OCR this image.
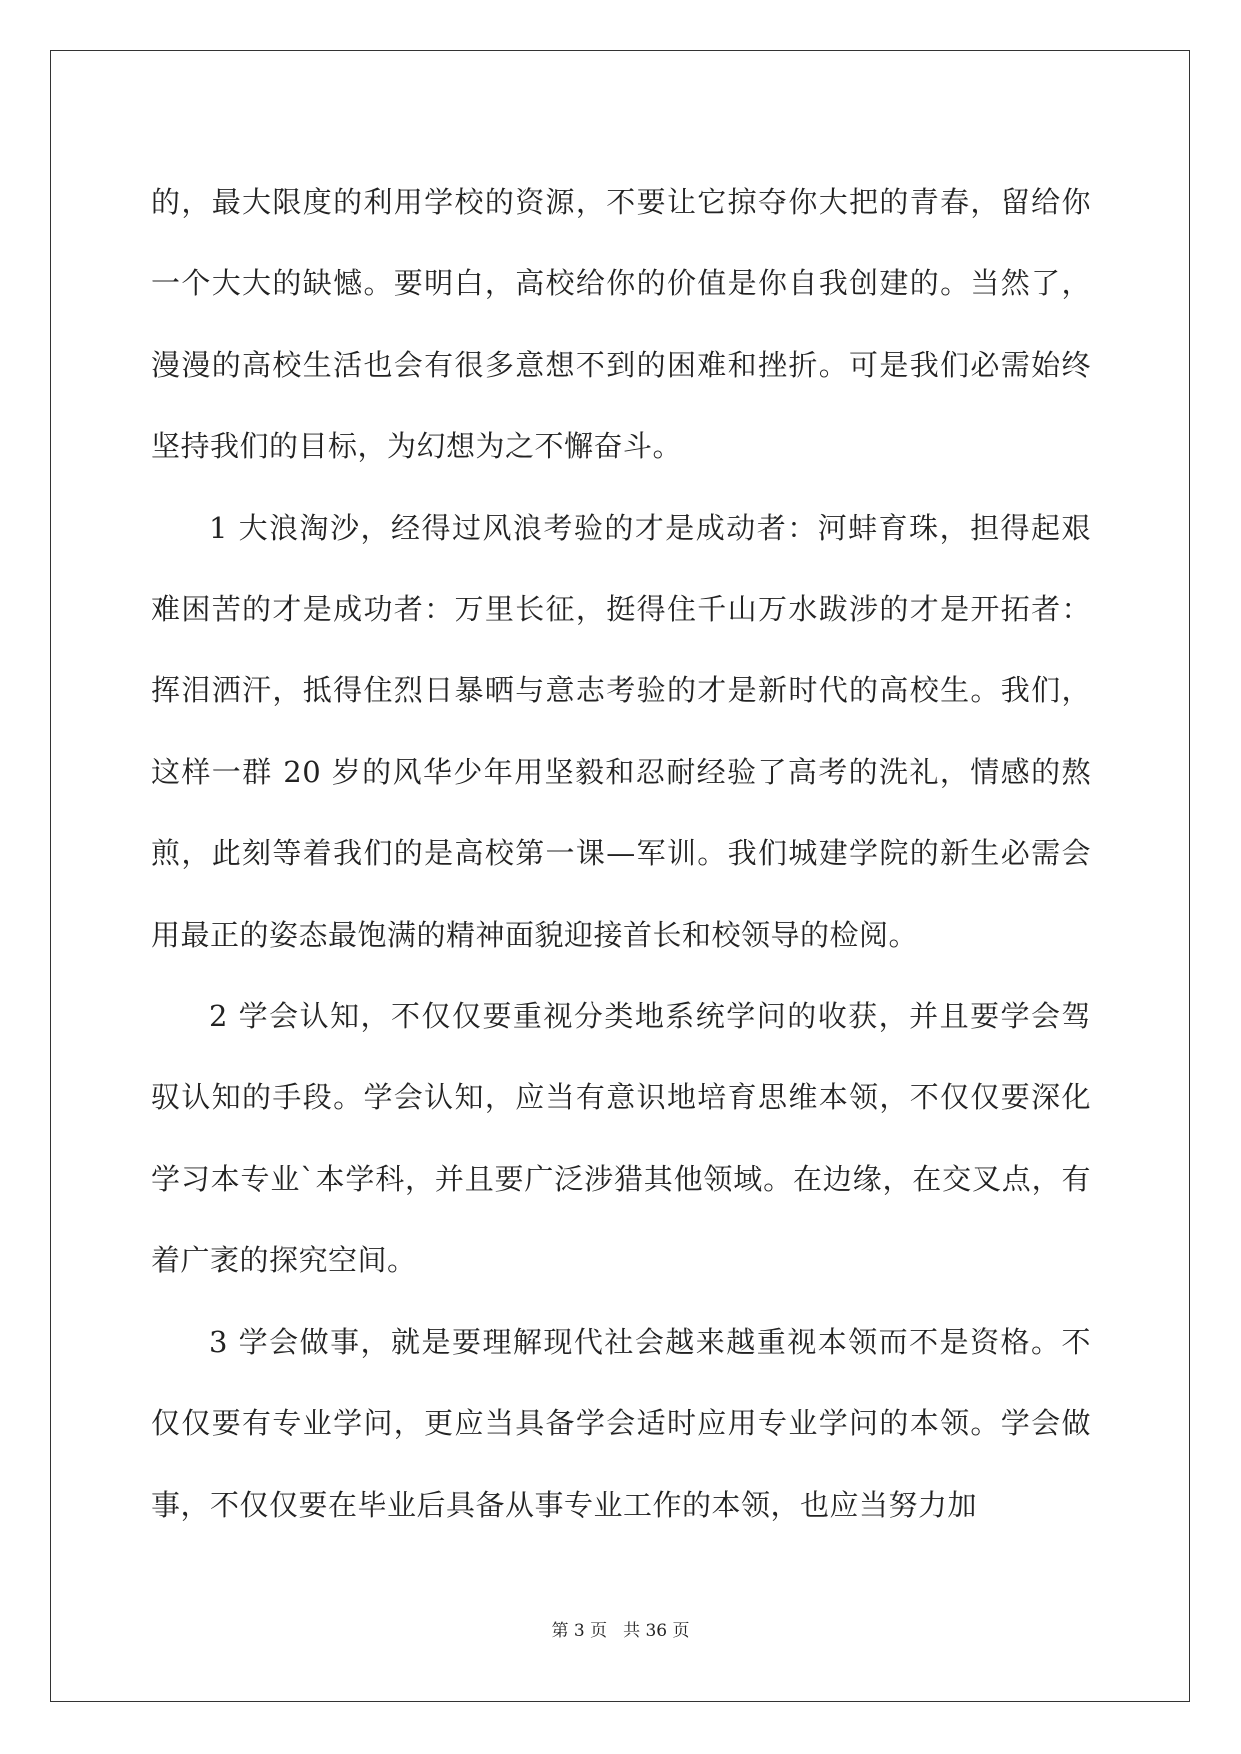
的，最大限度的利用学校的资源，不要让它掠夺你大把的青春，留给你一个大大的缺憾。要明白，高校给你的价值是你自我创建的。当然了，漫漫的高校生活也会有很多意想不到的困难和挫折。可是我们必需始终坚持我们的目标，为幻想为之不懈奋斗。

1 大浪淘沙，经得过风浪考验的才是成动者：河蚌育珠，担得起艰难困苦的才是成功者：万里长征，挺得住千山万水跋涉的才是开拓者：挥泪洒汗，抵得住烈日暴晒与意志考验的才是新时代的高校生。我们，这样一群 20 岁的风华少年用坚毅和忍耐经验了高考的洗礼，情感的熬煎，此刻等着我们的是高校第一课—军训。我们城建学院的新生必需会用最正的姿态最饱满的精神面貌迎接首长和校领导的检阅。

2 学会认知，不仅仅要重视分类地系统学问的收获，并且要学会驾驭认知的手段。学会认知，应当有意识地培育思维本领，不仅仅要深化学习本专业`本学科，并且要广泛涉猎其他领域。在边缘，在交叉点，有着广袤的探究空间。

3 学会做事，就是要理解现代社会越来越重视本领而不是资格。不仅仅要有专业学问，更应当具备学会适时应用专业学问的本领。学会做事，不仅仅要在毕业后具备从事专业工作的本领，也应当努力加

第 3 页 共 36 页
